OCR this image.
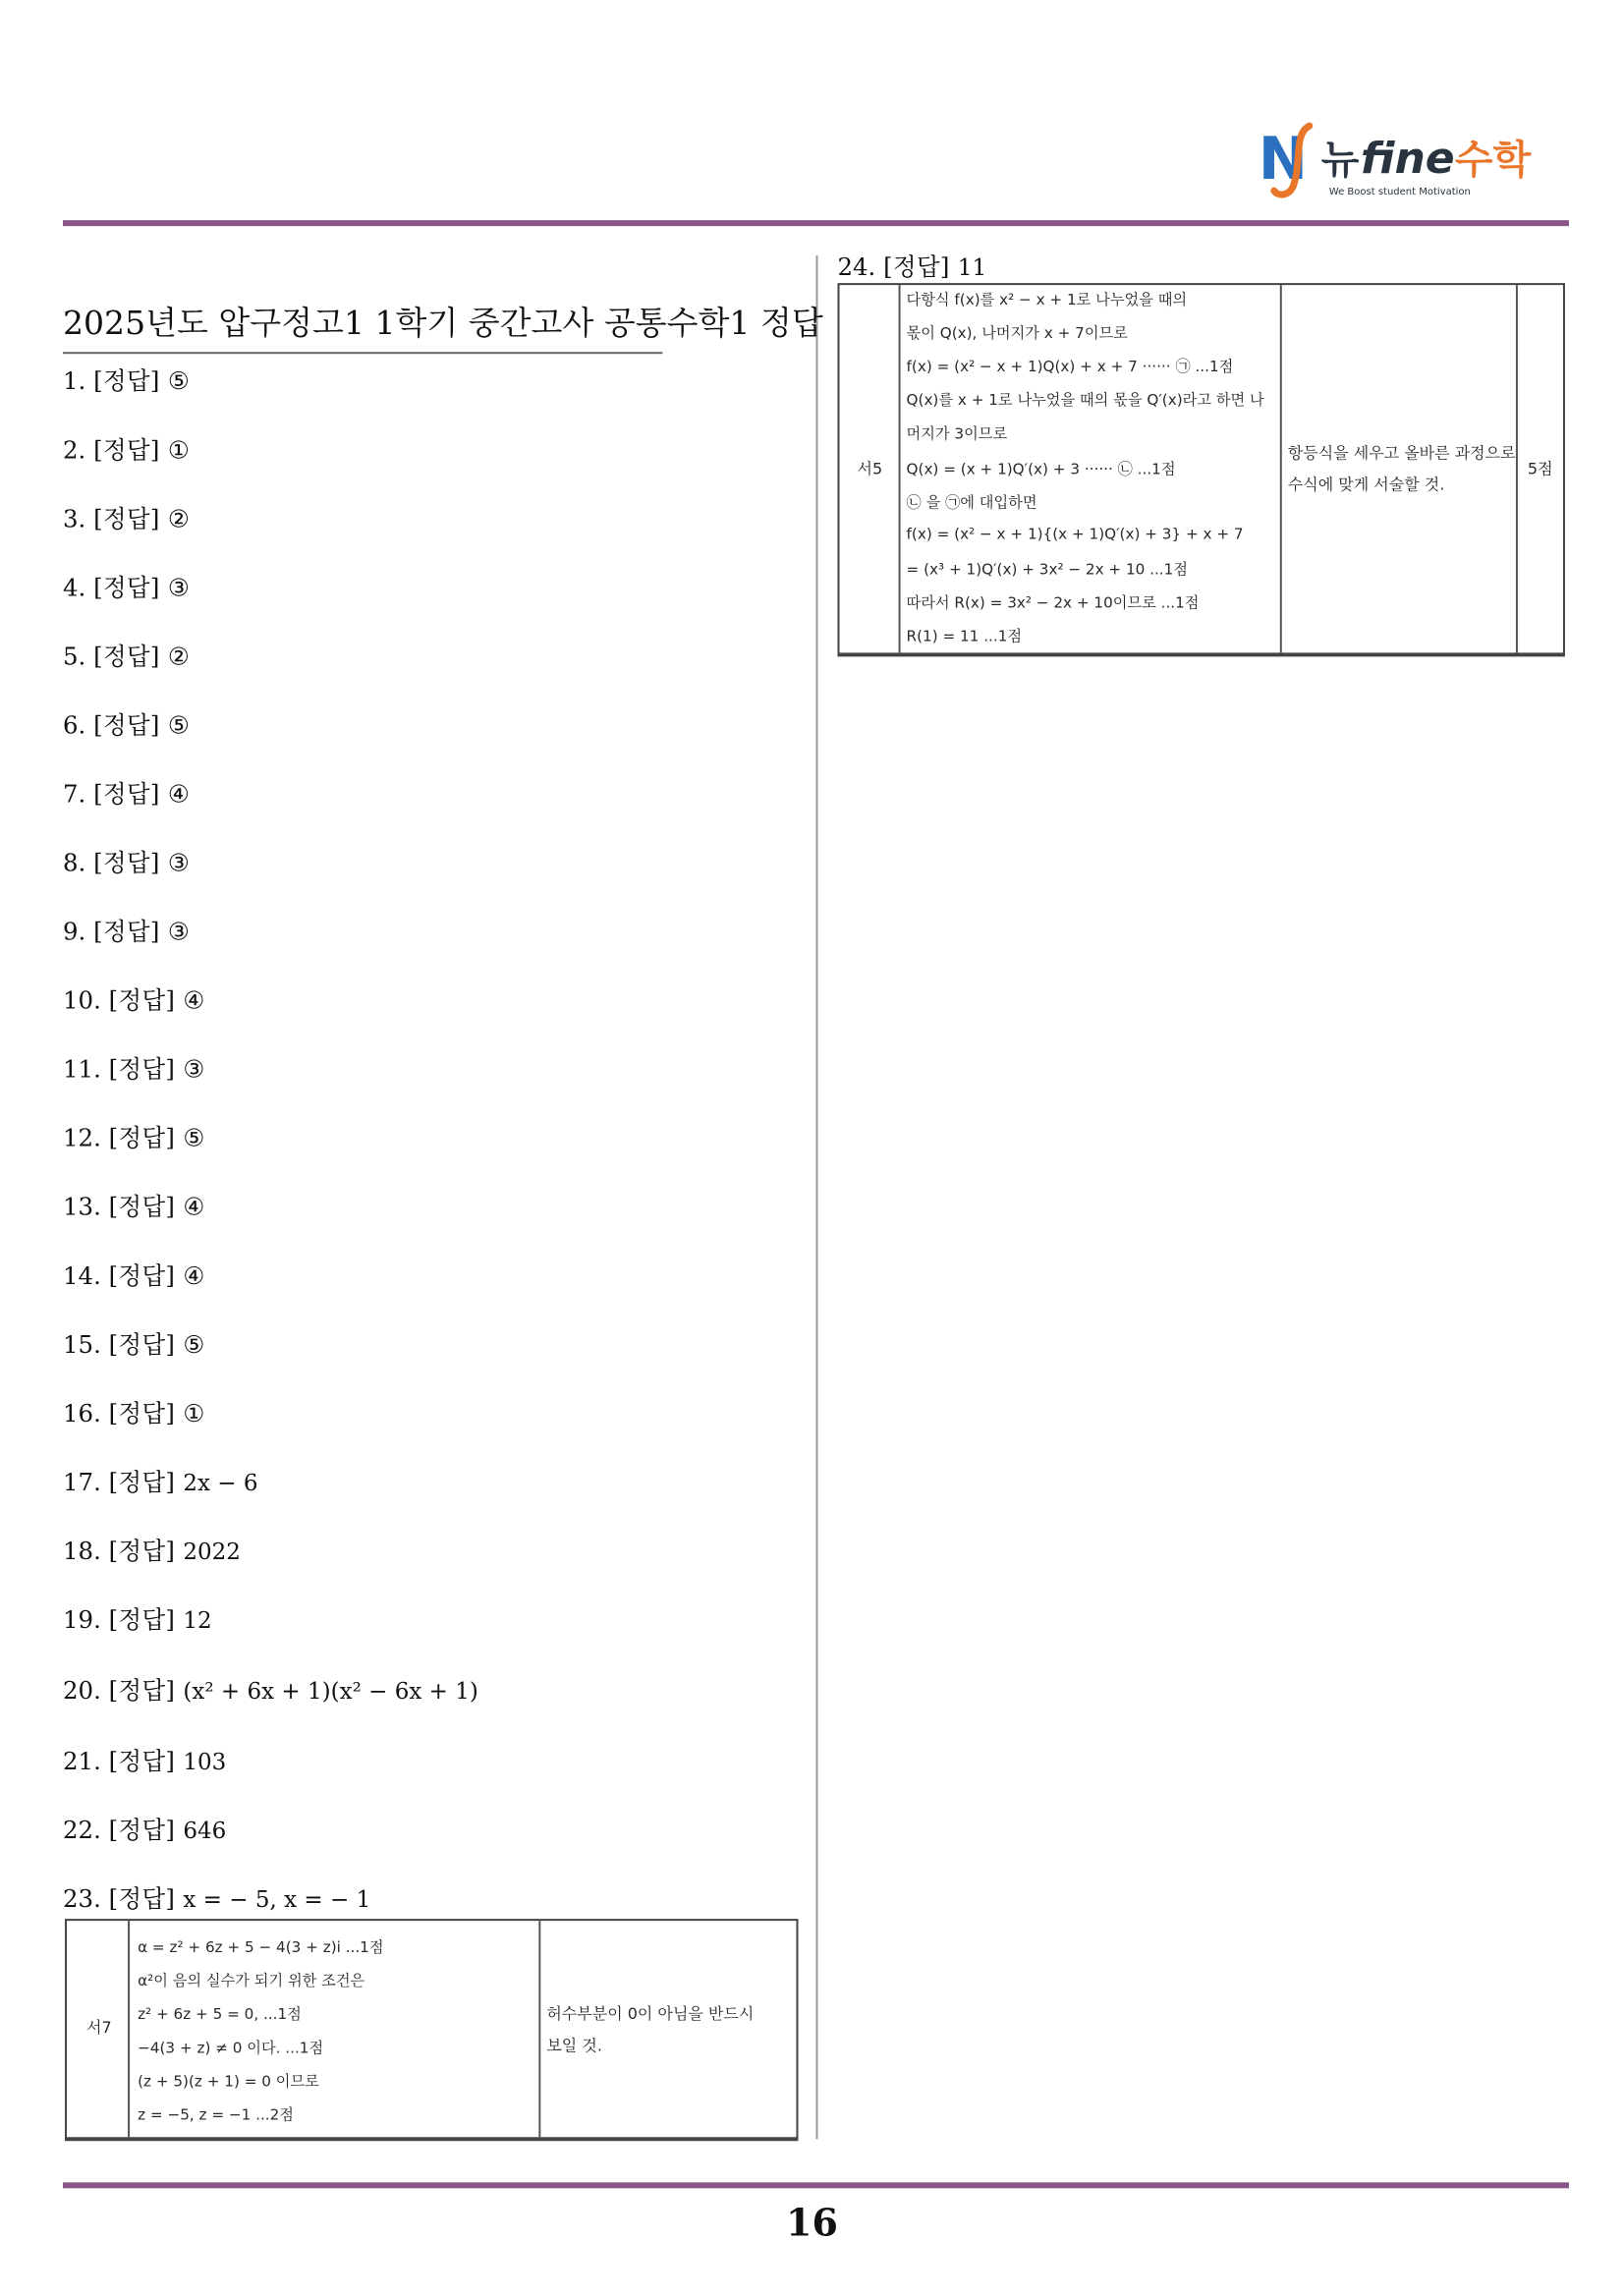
N 뉴 fine 수학
We Boost student Motivation
2025년도 압구정고1 1학기 중간고사 공통수학1 정답
1. [정답] ⑤
2. [정답] ①
3. [정답] ②
4. [정답] ③
5. [정답] ②
6. [정답] ⑤
7. [정답] ④
8. [정답] ③
9. [정답] ③
10. [정답] ④
11. [정답] ③
12. [정답] ⑤
13. [정답] ④
14. [정답] ④
15. [정답] ⑤
16. [정답] ①
17. [정답] 2x − 6
18. [정답] 2022
19. [정답] 12
20. [정답] (x² + 6x + 1)(x² − 6x + 1)
21. [정답] 103
22. [정답] 646
23. [정답] x = − 5, x = − 1
서7
α = z² + 6z + 5 − 4(3 + z)i ...1점
α²이 음의 실수가 되기 위한 조건은
z² + 6z + 5 = 0, ...1점
−4(3 + z) ≠ 0 이다. ...1점
(z + 5)(z + 1) = 0 이므로
z = −5, z = −1 ...2점
허수부분이 0이 아님을 반드시
보일 것.
24. [정답] 11
서5
다항식 f(x)를 x² − x + 1로 나누었을 때의
몫이 Q(x), 나머지가 x + 7이므로
f(x) = (x² − x + 1)Q(x) + x + 7 ······ ㉠ ...1점
Q(x)를 x + 1로 나누었을 때의 몫을 Q′(x)라고 하면 나
머지가 3이므로
Q(x) = (x + 1)Q′(x) + 3 ······ ㉡ ...1점
㉡ 을 ㉠에 대입하면
f(x) = (x² − x + 1){(x + 1)Q′(x) + 3} + x + 7
= (x³ + 1)Q′(x) + 3x² − 2x + 10 ...1점
따라서 R(x) = 3x² − 2x + 10이므로 ...1점
R(1) = 11 ...1점
항등식을 세우고 올바른 과정으로
수식에 맞게 서술할 것.
5점
16
